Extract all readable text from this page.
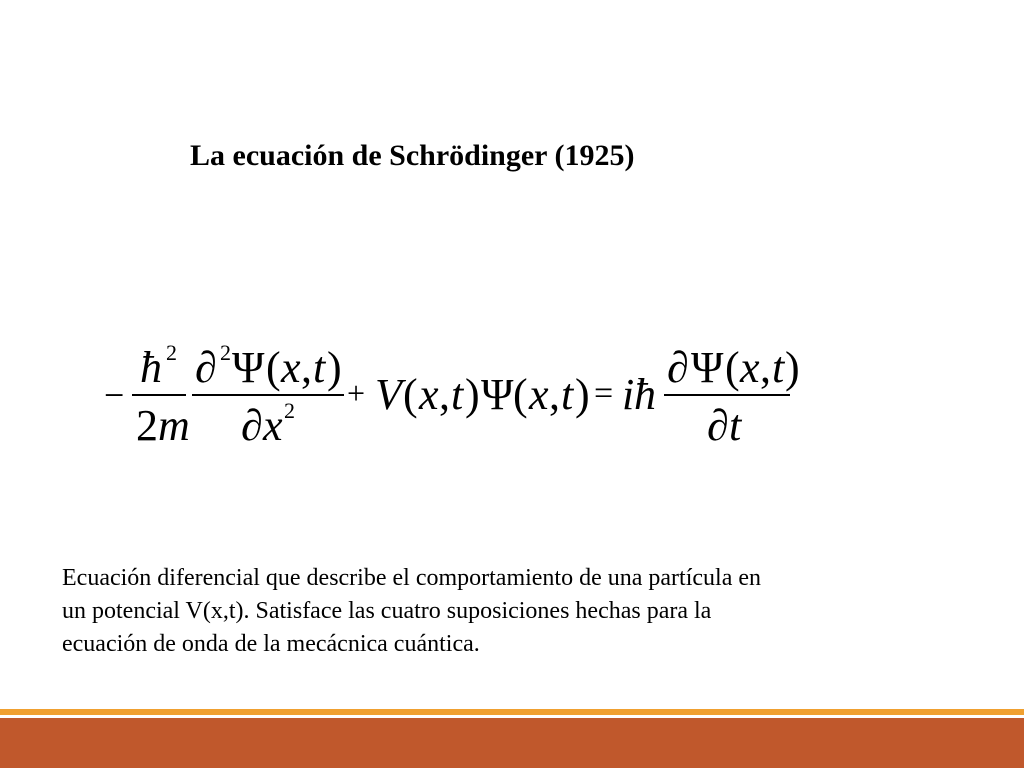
La ecuación de Schrödinger (1925)
−
ħ 2
2 m
∂ 2 Ψ ( x , t )
∂ x 2 + V ( x , t ) Ψ ( x , t ) = i ħ
∂ Ψ ( x , t )
∂ t
Ecuación diferencial que describe el comportamiento de una partícula en
un potencial V(x,t). Satisface las cuatro suposiciones hechas para la
ecuación de onda de la mecácnica cuántica.
